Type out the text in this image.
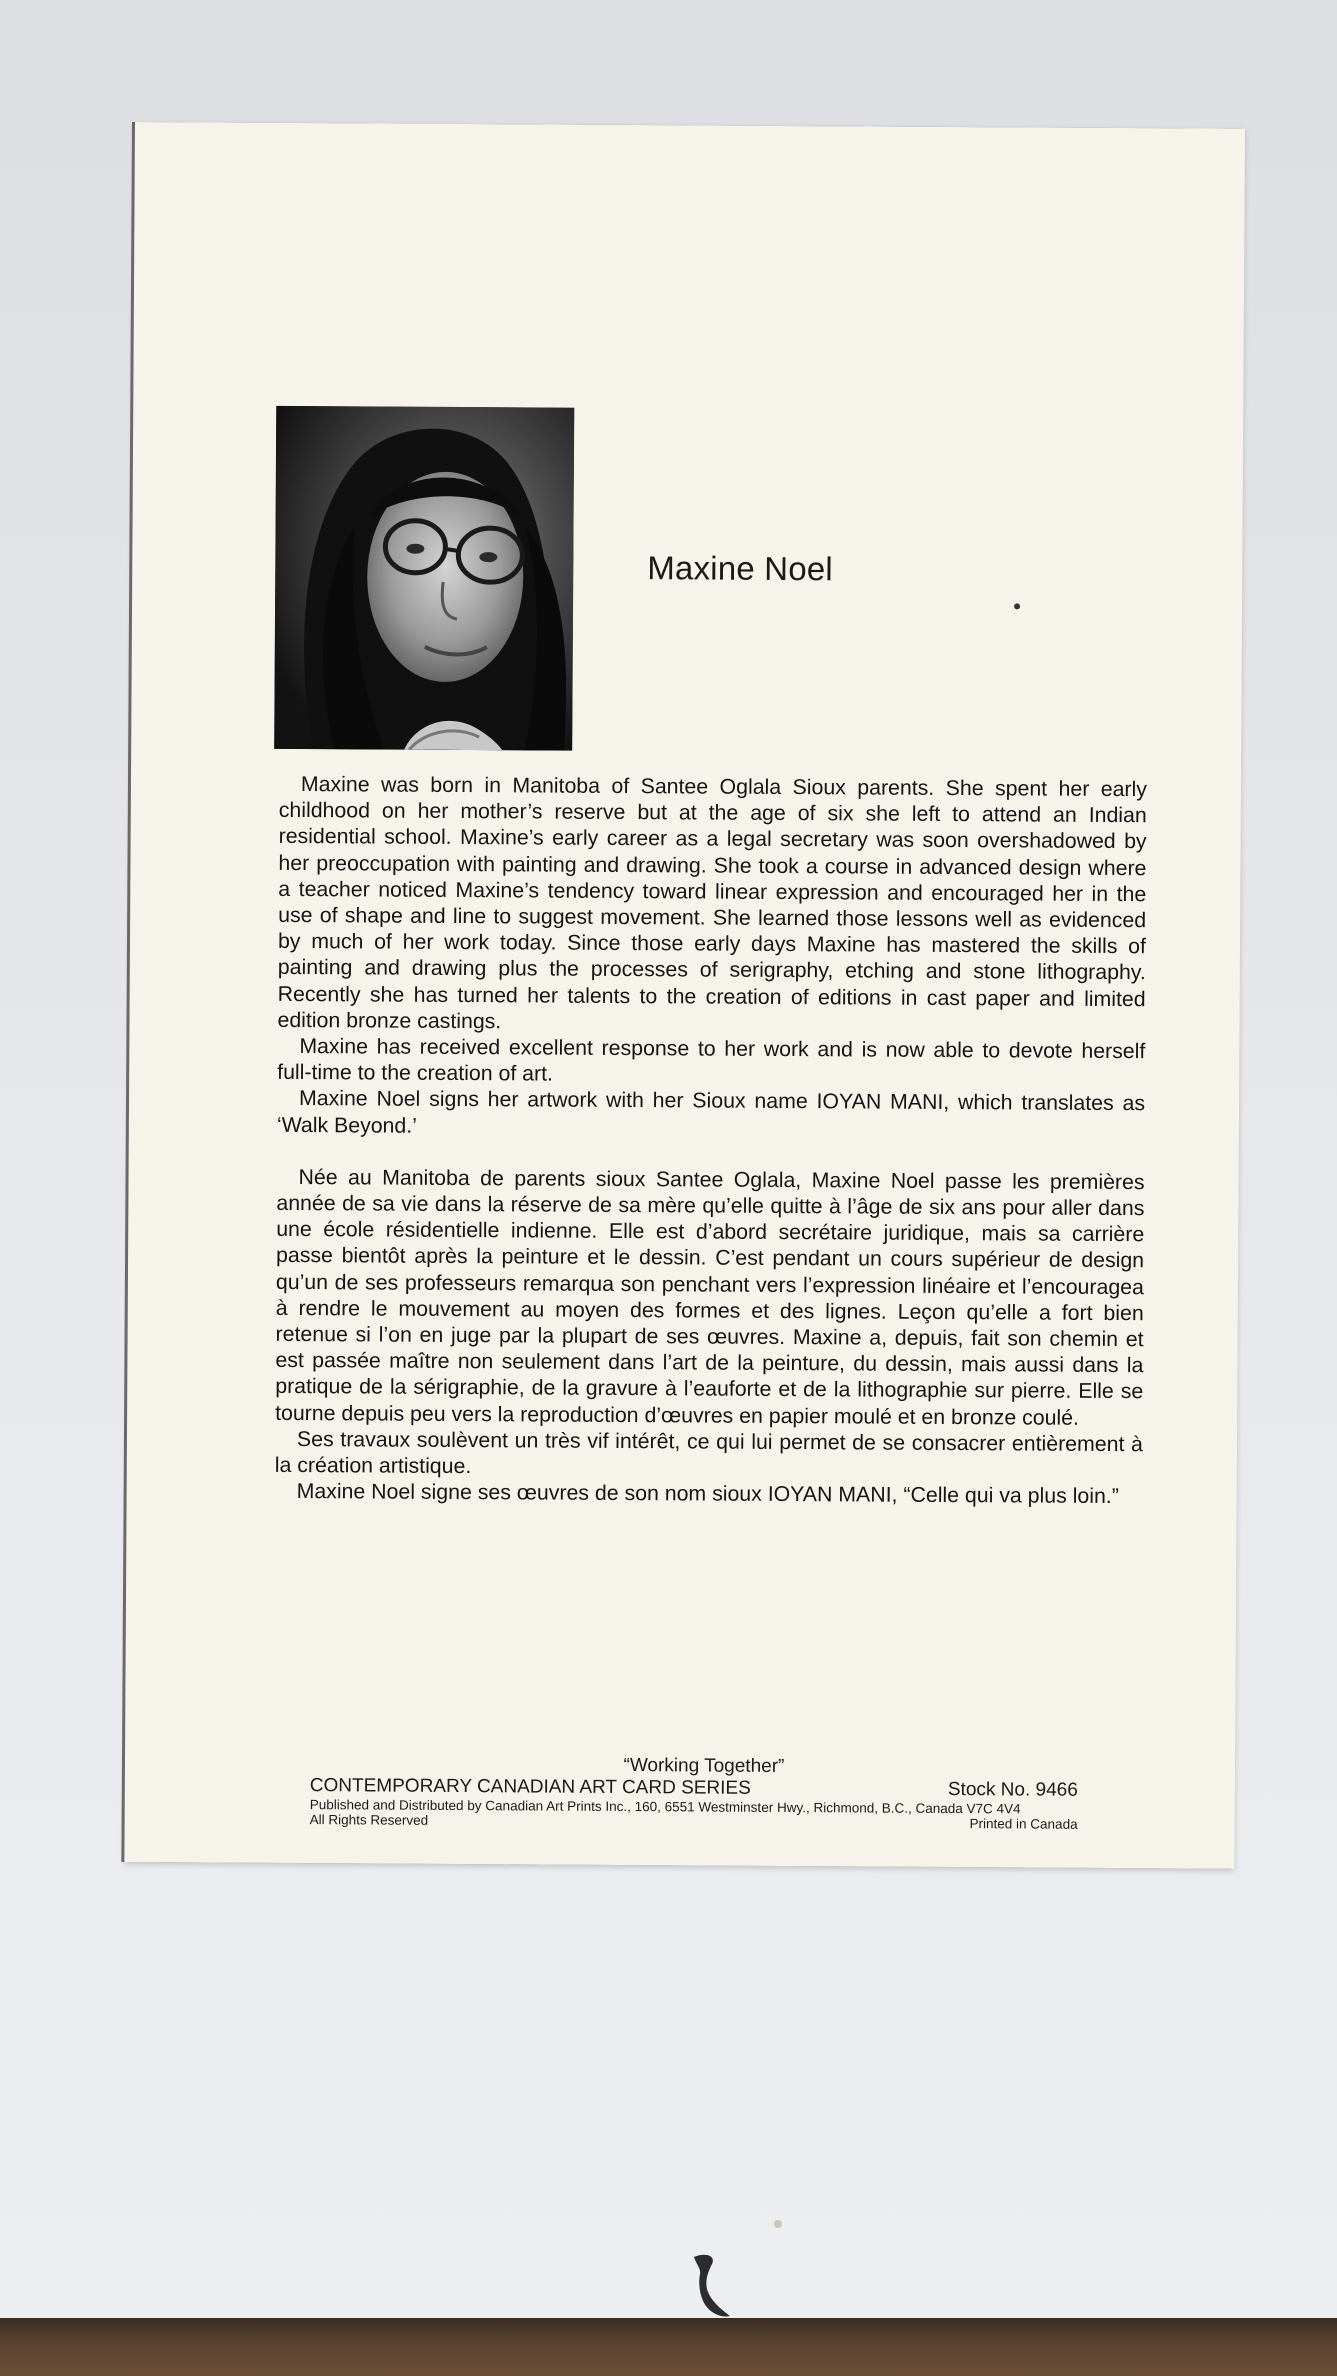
Maxine Noel

Maxine was born in Manitoba of Santee Oglala Sioux parents. She spent her early childhood on her mother’s reserve but at the age of six she left to attend an Indian residential school. Maxine’s early career as a legal secretary was soon overshadowed by her preoccupation with painting and drawing. She took a course in advanced design where a teacher noticed Maxine’s tendency toward linear expression and encouraged her in the use of shape and line to suggest movement. She learned those lessons well as evidenced by much of her work today. Since those early days Maxine has mastered the skills of painting and drawing plus the processes of serigraphy, etching and stone lithography. Recently she has turned her talents to the creation of editions in cast paper and limited edition bronze castings.

Maxine has received excellent response to her work and is now able to devote herself full-time to the creation of art.

Maxine Noel signs her artwork with her Sioux name IOYAN MANI, which translates as ‘Walk Beyond.’

Née au Manitoba de parents sioux Santee Oglala, Maxine Noel passe les premières année de sa vie dans la réserve de sa mère qu’elle quitte à l’âge de six ans pour aller dans une école résidentielle indienne. Elle est d’abord secrétaire juridique, mais sa carrière passe bientôt après la peinture et le dessin. C’est pendant un cours supérieur de design qu’un de ses professeurs remarqua son penchant vers l’expression linéaire et l’encouragea à rendre le mouvement au moyen des formes et des lignes. Leçon qu’elle a fort bien retenue si l’on en juge par la plupart de ses œuvres. Maxine a, depuis, fait son chemin et est passée maître non seulement dans l’art de la peinture, du dessin, mais aussi dans la pratique de la sérigraphie, de la gravure à l’eauforte et de la lithographie sur pierre. Elle se tourne depuis peu vers la reproduction d’œuvres en papier moulé et en bronze coulé.

Ses travaux soulèvent un très vif intérêt, ce qui lui permet de se consacrer entièrement à la création artistique.

Maxine Noel signe ses œuvres de son nom sioux IOYAN MANI, “Celle qui va plus loin.”

“Working Together”
CONTEMPORARY CANADIAN ART CARD SERIES	Stock No. 9466
Published and Distributed by Canadian Art Prints Inc., 160, 6551 Westminster Hwy., Richmond, B.C., Canada V7C 4V4
All Rights Reserved	Printed in Canada
